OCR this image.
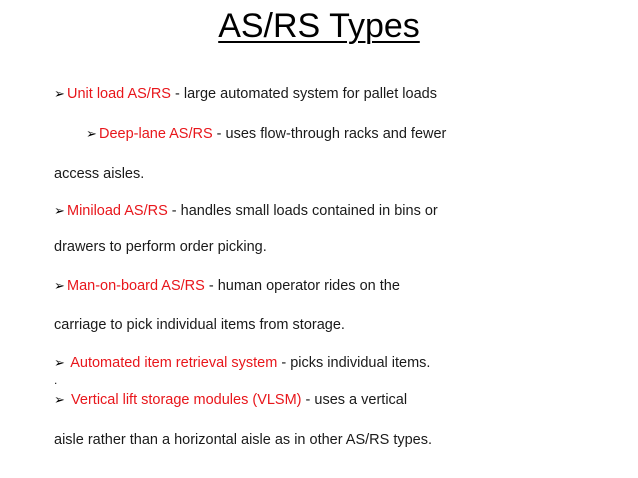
AS/RS Types
➢ Unit load AS/RS - large automated system for pallet loads
➢ Deep-lane AS/RS - uses flow-through racks and fewer
access aisles.
➢ Miniload AS/RS - handles small loads contained in bins or
drawers to perform order picking.
➢ Man-on-board AS/RS - human operator rides on the
carriage to pick individual items from storage.
➢ Automated item retrieval system - picks individual items.
.
➢ Vertical lift storage modules (VLSM) - uses a vertical
aisle rather than a horizontal aisle as in other AS/RS types.
